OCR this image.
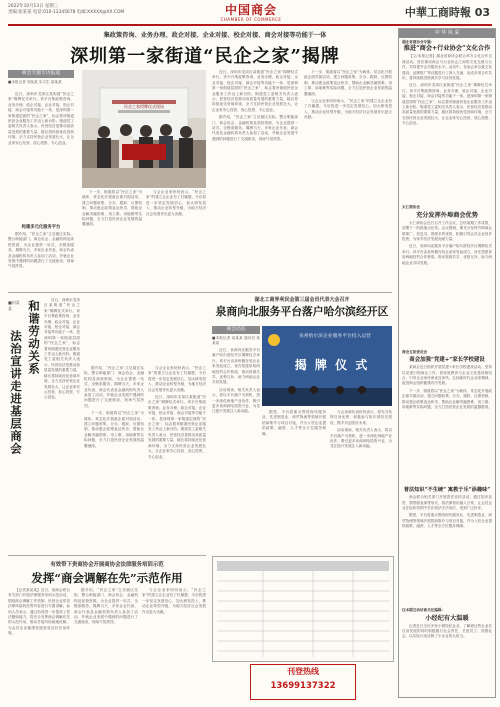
2022年10月13日 星期三
责编:张某某 电话:010-12345678 电邮:XXXXX@XX.COM	中国商会
CHAMBER OF COMMERCE
中華工商時報 03
集政策咨询、业务办理、政企对接、企业对接、校企对接、商会对接等功能于一体
深圳第一家街道“民企之家”揭牌
商会专题专访报道
■本报记者 刘某某 实习生 某某某

近日，深圳市龙岗区某街道“民企之家”揭牌仪式举行。该平台集政策咨询、业务办理、政企对接、企业对接、校企对接、商会对接等功能于一体，是深圳第一家街道层面的“民企之家”，标志着该街道民营企业服务工作迈上新台阶。街道党工委相关负责人表示，民营经济是推动高质量发展的重要力量，辖区将持续优化营商环境，全力支持民营企业发展壮大，让企业家安心经营、放心投资、专心创业。

构建多元化服务平台

据介绍，“民企之家”立足辖区实际，整合职能部门、商会协会、金融机构及高校资源，为企业提供一站式、全链条服务。揭牌当天，多家企业代表、商会代表及金融机构负责人参加了活动，并就企业发展中遇到的问题进行了交流座谈，现场气氛热烈。

民企之家授牌仪式现场

下一步，街道将以“民企之家”为载体，常态化开展政企面对面活动，建立问题收集、分办、跟踪、反馈机制，推动惠企政策直达快享，帮助企业解决融资难、用工难、用地难等实际问题，全力打造民营企业发展的温馨港湾。

与会企业家纷纷表示，“民企之家”的建立让企业有了归属感，今后将进一步坚定发展信心，加大研发投入，推动企业转型升级，为地方经济社会发展作出更大贡献。

近日，深圳市龙岗区某街道“民企之家”揭牌仪式举行。该平台集政策咨询、业务办理、政企对接、企业对接、校企对接、商会对接等功能于一体，是深圳第一家街道层面的“民企之家”，标志着该街道民营企业服务工作迈上新台阶。街道党工委相关负责人表示，民营经济是推动高质量发展的重要力量，辖区将持续优化营商环境，全力支持民营企业发展壮大，让企业家安心经营、放心投资、专心创业。

据介绍，“民企之家”立足辖区实际，整合职能部门、商会协会、金融机构及高校资源，为企业提供一站式、全链条服务。揭牌当天，多家企业代表、商会代表及金融机构负责人参加了活动，并就企业发展中遇到的问题进行了交流座谈，现场气氛热烈。

下一步，街道将以“民企之家”为载体，常态化开展政企面对面活动，建立问题收集、分办、跟踪、反馈机制，推动惠企政策直达快享，帮助企业解决融资难、用工难、用地难等实际问题，全力打造民营企业发展的温馨港湾。

与会企业家纷纷表示，“民企之家”的建立让企业有了归属感，今后将进一步坚定发展信心，加大研发投入，推动企业转型升级，为地方经济社会发展作出更大贡献。

■何某某	和谐劳动关系
法治宣讲走进基层商会

近日，深圳市龙岗区某街道“民企之家”揭牌仪式举行。该平台集政策咨询、业务办理、政企对接、企业对接、校企对接、商会对接等功能于一体，是深圳第一家街道层面的“民企之家”，标志着该街道民营企业服务工作迈上新台阶。街道党工委相关负责人表示，民营经济是推动高质量发展的重要力量，辖区将持续优化营商环境，全力支持民营企业发展壮大，让企业家安心经营、放心投资、专心创业。

据介绍，“民企之家”立足辖区实际，整合职能部门、商会协会、金融机构及高校资源，为企业提供一站式、全链条服务。揭牌当天，多家企业代表、商会代表及金融机构负责人参加了活动，并就企业发展中遇到的问题进行了交流座谈，现场气氛热烈。

下一步，街道将以“民企之家”为载体，常态化开展政企面对面活动，建立问题收集、分办、跟踪、反馈机制，推动惠企政策直达快享，帮助企业解决融资难、用工难、用地难等实际问题，全力打造民营企业发展的温馨港湾。

与会企业家纷纷表示，“民企之家”的建立让企业有了归属感，今后将进一步坚定发展信心，加大研发投入，推动企业转型升级，为地方经济社会发展作出更大贡献。

近日，深圳市龙岗区某街道“民企之家”揭牌仪式举行。该平台集政策咨询、业务办理、政企对接、企业对接、校企对接、商会对接等功能于一体，是深圳第一家街道层面的“民企之家”，标志着该街道民营企业服务工作迈上新台阶。街道党工委相关负责人表示，民营经济是推动高质量发展的重要力量，辖区将持续优化营商环境，全力支持民营企业发展壮大，让企业家安心经营、放心投资、专心创业。

有效带下贵商协会开展商协会法律服务培训示范
发挥“商会调解在先”示范作用

【记者某某某】近日，某商会联合有关部门开展法律服务培训示范活动，围绕商会调解工作机制、民营企业常见法律风险防范等内容进行专题讲解。参训人员表示，通过培训进一步提高了依法履职能力，将充分发挥商会调解在先的示范作用，推动矛盾纠纷就地化解，为会员企业健康发展营造良好法治环境。

据介绍，“民企之家”立足辖区实际，整合职能部门、商会协会、金融机构及高校资源，为企业提供一站式、全链条服务。揭牌当天，多家企业代表、商会代表及金融机构负责人参加了活动，并就企业发展中遇到的问题进行了交流座谈，现场气氛热烈。

与会企业家纷纷表示，“民企之家”的建立让企业有了归属感，今后将进一步坚定发展信心，加大研发投入，推动企业转型升级，为地方经济社会发展作出更大贡献。

湖北工商界利民会第三届会员代表大会召开
泉商向北服务平台落户哈尔滨经开区
商会动态
■本报记者 某某某 通讯员 某某某
泉州哈尔滨企业服务平台投入运营
揭 牌 仪 式

近日，泉商向北服务平台落户哈尔滨经开区揭牌仪式举行。该平台由泉州籍在哈企业家发起成立，旨在搭建泉哈两地经贸合作桥梁，推动资源共享、优势互补，助力两地企业共同发展。

活动现场，相关负责人表示，将以平台落户为契机，进一步深化两地产业协作，吸引更多泉商到哈投资兴业，为龙江振兴发展注入新动能。	据悉，平台将重点围绕现代服务业、先进制造业、商贸物流等领域开展招商推介与项目对接，并为入驻企业提供政策、融资、人才等全方位服务保障。

与会泉商代表纷纷表示，将充分发挥自身优势，积极参与哈尔滨经济建设，携手共创美好未来。

活动现场，相关负责人表示，将以平台落户为契机，进一步深化两地产业协作，吸引更多泉商到哈投资兴业，为龙江振兴发展注入新动能。

刊登热线
13699137322
中 华 风 采
湖北省商协会专题：
推进“商会+行业协会”文化合作

【文/本报记者】湖北省商协会联合举办文化合作交流活动，旨在推动商会与行业协会之间的文化交流与合作，共同提升会员服务水平。活动中，各参会单位就文化建设、品牌推广等议题进行了深入交流，达成多项合作共识，将持续推进资源共享与协同发展。

近日，深圳市龙岗区某街道“民企之家”揭牌仪式举行。该平台集政策咨询、业务办理、政企对接、企业对接、校企对接、商会对接等功能于一体，是深圳第一家街道层面的“民企之家”，标志着该街道民营企业服务工作迈上新台阶。街道党工委相关负责人表示，民营经济是推动高质量发展的重要力量，辖区将持续优化营商环境，全力支持民营企业发展壮大，让企业家安心经营、放心投资、专心创业。

太仁商协会
充分发挥外埠商会优势

太仁商协会近日召开工作会议，总结前期工作成果，部署下一阶段重点任务。会议强调，要充分发挥外埠商会联系广、信息灵、资源多的优势，积极引导会员企业回乡投资，为家乡经济发展贡献力量。

近日，泉商向北服务平台落户哈尔滨经开区揭牌仪式举行。该平台由泉州籍在哈企业家发起成立，旨在搭建泉哈两地经贸合作桥梁，推动资源共享、优势互补，助力两地企业共同发展。

商会互助委员会
商会加强“党建+”家长学校建设

某商会近日组织开展党建+家长学校建设活动，坚持以党建引领商会工作，将家庭教育与企业文化建设相结合，引导企业家传承优良家风，弘扬新时代企业家精神，促进商会组织健康有序发展。

下一步，街道将以“民企之家”为载体，常态化开展政企面对面活动，建立问题收集、分办、跟踪、反馈机制，推动惠企政策直达快享，帮助企业解决融资难、用工难、用地难等实际问题，全力打造民营企业发展的温馨港湾。

普法知识“不生硬” 寓教于乐“添趣味”

商会联合相关部门开展普法宣传活动，通过知识竞答、情景剧表演等形式，将法律知识融入日常，让会员企业在轻松氛围中学法知法守法用法，受到广泛好评。

据悉，平台将重点围绕现代服务业、先进制造业、商贸物流等领域开展招商推介与项目对接，并为入驻企业提供政策、融资、人才等全方位服务保障。

往本期互动访谈关注编辑：
小经纪有大温暖

记者近日走访多家小微经纪企业，了解到这些企业在自身发展的同时积极履行社会责任，关爱员工、回馈社会，以实际行动诠释了小企业的大担当。
